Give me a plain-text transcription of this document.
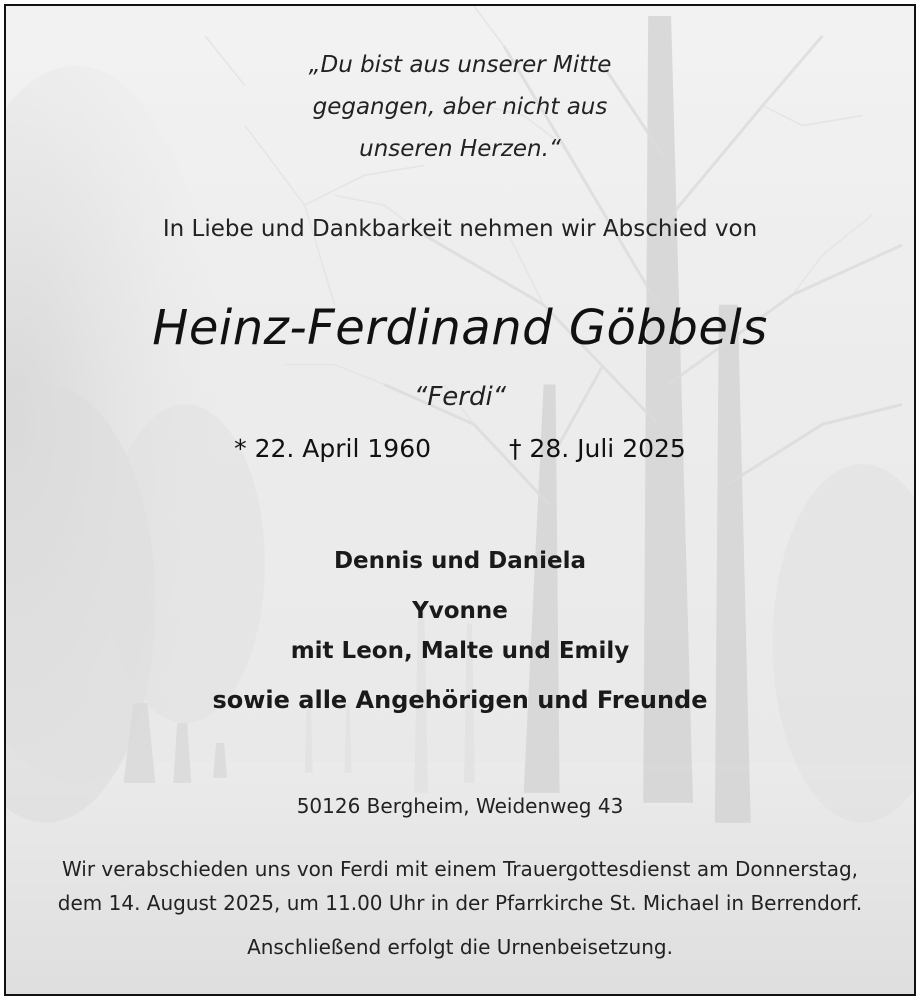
„Du bist aus unserer Mitte
gegangen, aber nicht aus
unseren Herzen.“
In Liebe und Dankbarkeit nehmen wir Abschied von
Heinz-Ferdinand Göbbels
“Ferdi“
* 22. April 1960	† 28. Juli 2025
Dennis und Daniela
Yvonne
mit Leon, Malte und Emily
sowie alle Angehörigen und Freunde
50126 Bergheim, Weidenweg 43
Wir verabschieden uns von Ferdi mit einem Trauergottesdienst am Donnerstag,
dem 14. August 2025, um 11.00 Uhr in der Pfarrkirche St. Michael in Berrendorf.
Anschließend erfolgt die Urnenbeisetzung.
